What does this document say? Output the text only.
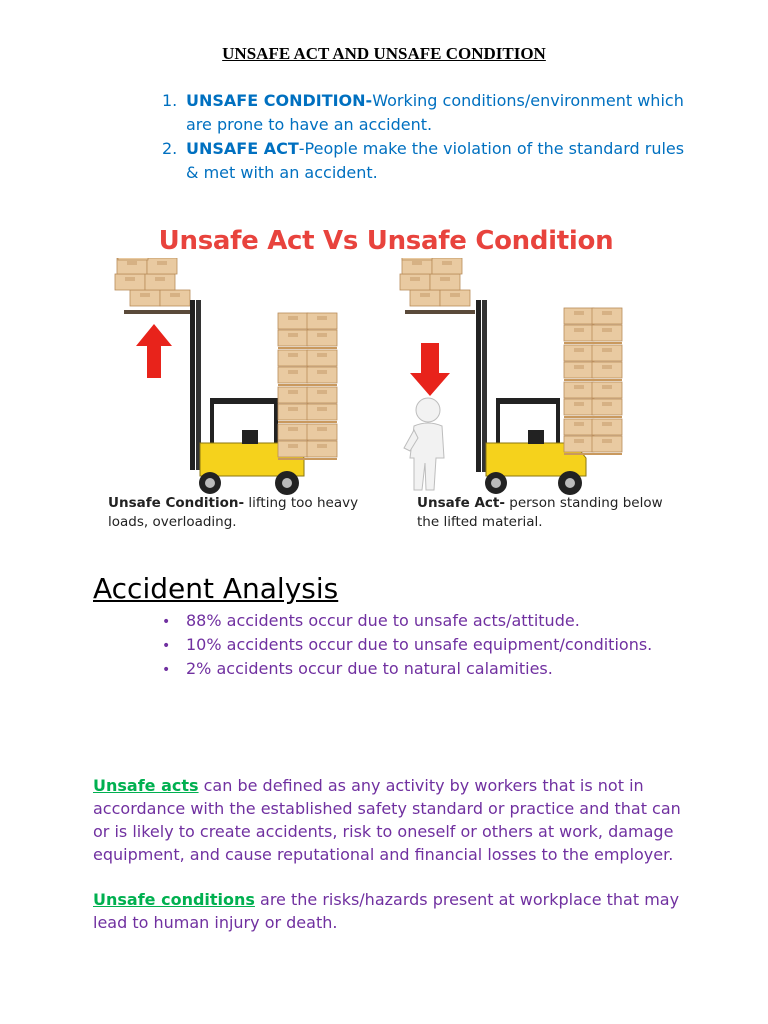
UNSAFE ACT AND UNSAFE CONDITION
1. UNSAFE CONDITION-Working conditions/environment which are prone to have an accident.
2. UNSAFE ACT-People make the violation of the standard rules & met with an accident.
Unsafe Act Vs Unsafe Condition
Unsafe Condition- lifting too heavy
loads, overloading.
Unsafe Act- person standing below
the lifted material.
Accident Analysis
• 88% accidents occur due to unsafe acts/attitude.
• 10% accidents occur due to unsafe equipment/conditions.
• 2% accidents occur due to natural calamities.

Unsafe acts can be defined as any activity by workers that is not in accordance with the established safety standard or practice and that can or is likely to create accidents, risk to oneself or others at work, damage equipment, and cause reputational and financial losses to the employer.

Unsafe conditions are the risks/hazards present at workplace that may lead to human injury or death.
